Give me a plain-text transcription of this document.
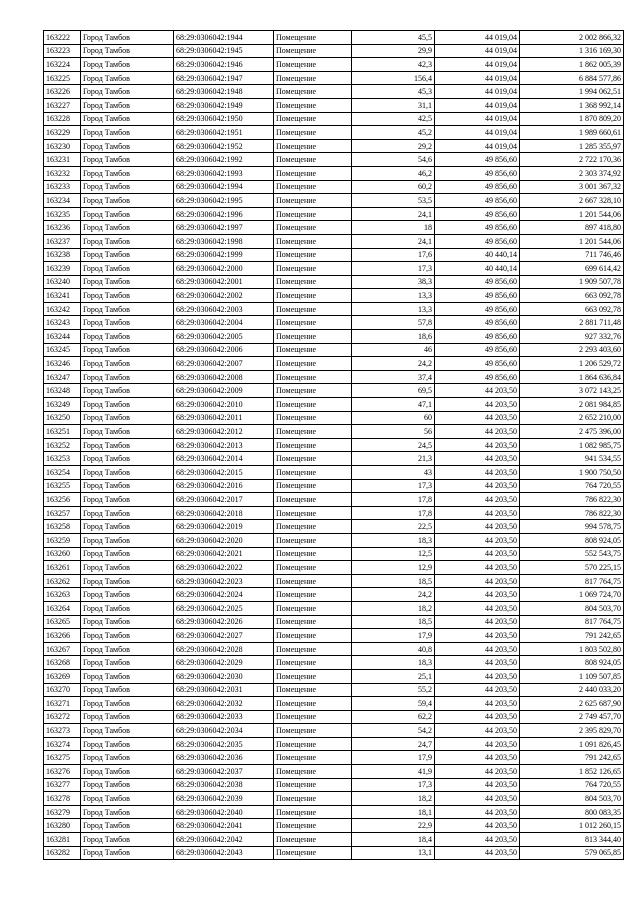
163222	Город Тамбов	68:29:0306042:1944	Помещение	45,5	44 019,04	2 002 866,32
163223	Город Тамбов	68:29:0306042:1945	Помещение	29,9	44 019,04	1 316 169,30
163224	Город Тамбов	68:29:0306042:1946	Помещение	42,3	44 019,04	1 862 005,39
163225	Город Тамбов	68:29:0306042:1947	Помещение	156,4	44 019,04	6 884 577,86
163226	Город Тамбов	68:29:0306042:1948	Помещение	45,3	44 019,04	1 994 062,51
163227	Город Тамбов	68:29:0306042:1949	Помещение	31,1	44 019,04	1 368 992,14
163228	Город Тамбов	68:29:0306042:1950	Помещение	42,5	44 019,04	1 870 809,20
163229	Город Тамбов	68:29:0306042:1951	Помещение	45,2	44 019,04	1 989 660,61
163230	Город Тамбов	68:29:0306042:1952	Помещение	29,2	44 019,04	1 285 355,97
163231	Город Тамбов	68:29:0306042:1992	Помещение	54,6	49 856,60	2 722 170,36
163232	Город Тамбов	68:29:0306042:1993	Помещение	46,2	49 856,60	2 303 374,92
163233	Город Тамбов	68:29:0306042:1994	Помещение	60,2	49 856,60	3 001 367,32
163234	Город Тамбов	68:29:0306042:1995	Помещение	53,5	49 856,60	2 667 328,10
163235	Город Тамбов	68:29:0306042:1996	Помещение	24,1	49 856,60	1 201 544,06
163236	Город Тамбов	68:29:0306042:1997	Помещение	18	49 856,60	897 418,80
163237	Город Тамбов	68:29:0306042:1998	Помещение	24,1	49 856,60	1 201 544,06
163238	Город Тамбов	68:29:0306042:1999	Помещение	17,6	40 440,14	711 746,46
163239	Город Тамбов	68:29:0306042:2000	Помещение	17,3	40 440,14	699 614,42
163240	Город Тамбов	68:29:0306042:2001	Помещение	38,3	49 856,60	1 909 507,78
163241	Город Тамбов	68:29:0306042:2002	Помещение	13,3	49 856,60	663 092,78
163242	Город Тамбов	68:29:0306042:2003	Помещение	13,3	49 856,60	663 092,78
163243	Город Тамбов	68:29:0306042:2004	Помещение	57,8	49 856,60	2 881 711,48
163244	Город Тамбов	68:29:0306042:2005	Помещение	18,6	49 856,60	927 332,76
163245	Город Тамбов	68:29:0306042:2006	Помещение	46	49 856,60	2 293 403,60
163246	Город Тамбов	68:29:0306042:2007	Помещение	24,2	49 856,60	1 206 529,72
163247	Город Тамбов	68:29:0306042:2008	Помещение	37,4	49 856,60	1 864 636,84
163248	Город Тамбов	68:29:0306042:2009	Помещение	69,5	44 203,50	3 072 143,25
163249	Город Тамбов	68:29:0306042:2010	Помещение	47,1	44 203,50	2 081 984,85
163250	Город Тамбов	68:29:0306042:2011	Помещение	60	44 203,50	2 652 210,00
163251	Город Тамбов	68:29:0306042:2012	Помещение	56	44 203,50	2 475 396,00
163252	Город Тамбов	68:29:0306042:2013	Помещение	24,5	44 203,50	1 082 985,75
163253	Город Тамбов	68:29:0306042:2014	Помещение	21,3	44 203,50	941 534,55
163254	Город Тамбов	68:29:0306042:2015	Помещение	43	44 203,50	1 900 750,50
163255	Город Тамбов	68:29:0306042:2016	Помещение	17,3	44 203,50	764 720,55
163256	Город Тамбов	68:29:0306042:2017	Помещение	17,8	44 203,50	786 822,30
163257	Город Тамбов	68:29:0306042:2018	Помещение	17,8	44 203,50	786 822,30
163258	Город Тамбов	68:29:0306042:2019	Помещение	22,5	44 203,50	994 578,75
163259	Город Тамбов	68:29:0306042:2020	Помещение	18,3	44 203,50	808 924,05
163260	Город Тамбов	68:29:0306042:2021	Помещение	12,5	44 203,50	552 543,75
163261	Город Тамбов	68:29:0306042:2022	Помещение	12,9	44 203,50	570 225,15
163262	Город Тамбов	68:29:0306042:2023	Помещение	18,5	44 203,50	817 764,75
163263	Город Тамбов	68:29:0306042:2024	Помещение	24,2	44 203,50	1 069 724,70
163264	Город Тамбов	68:29:0306042:2025	Помещение	18,2	44 203,50	804 503,70
163265	Город Тамбов	68:29:0306042:2026	Помещение	18,5	44 203,50	817 764,75
163266	Город Тамбов	68:29:0306042:2027	Помещение	17,9	44 203,50	791 242,65
163267	Город Тамбов	68:29:0306042:2028	Помещение	40,8	44 203,50	1 803 502,80
163268	Город Тамбов	68:29:0306042:2029	Помещение	18,3	44 203,50	808 924,05
163269	Город Тамбов	68:29:0306042:2030	Помещение	25,1	44 203,50	1 109 507,85
163270	Город Тамбов	68:29:0306042:2031	Помещение	55,2	44 203,50	2 440 033,20
163271	Город Тамбов	68:29:0306042:2032	Помещение	59,4	44 203,50	2 625 687,90
163272	Город Тамбов	68:29:0306042:2033	Помещение	62,2	44 203,50	2 749 457,70
163273	Город Тамбов	68:29:0306042:2034	Помещение	54,2	44 203,50	2 395 829,70
163274	Город Тамбов	68:29:0306042:2035	Помещение	24,7	44 203,50	1 091 826,45
163275	Город Тамбов	68:29:0306042:2036	Помещение	17,9	44 203,50	791 242,65
163276	Город Тамбов	68:29:0306042:2037	Помещение	41,9	44 203,50	1 852 126,65
163277	Город Тамбов	68:29:0306042:2038	Помещение	17,3	44 203,50	764 720,55
163278	Город Тамбов	68:29:0306042:2039	Помещение	18,2	44 203,50	804 503,70
163279	Город Тамбов	68:29:0306042:2040	Помещение	18,1	44 203,50	800 083,35
163280	Город Тамбов	68:29:0306042:2041	Помещение	22,9	44 203,50	1 012 260,15
163281	Город Тамбов	68:29:0306042:2042	Помещение	18,4	44 203,50	813 344,40
163282	Город Тамбов	68:29:0306042:2043	Помещение	13,1	44 203,50	579 065,85
